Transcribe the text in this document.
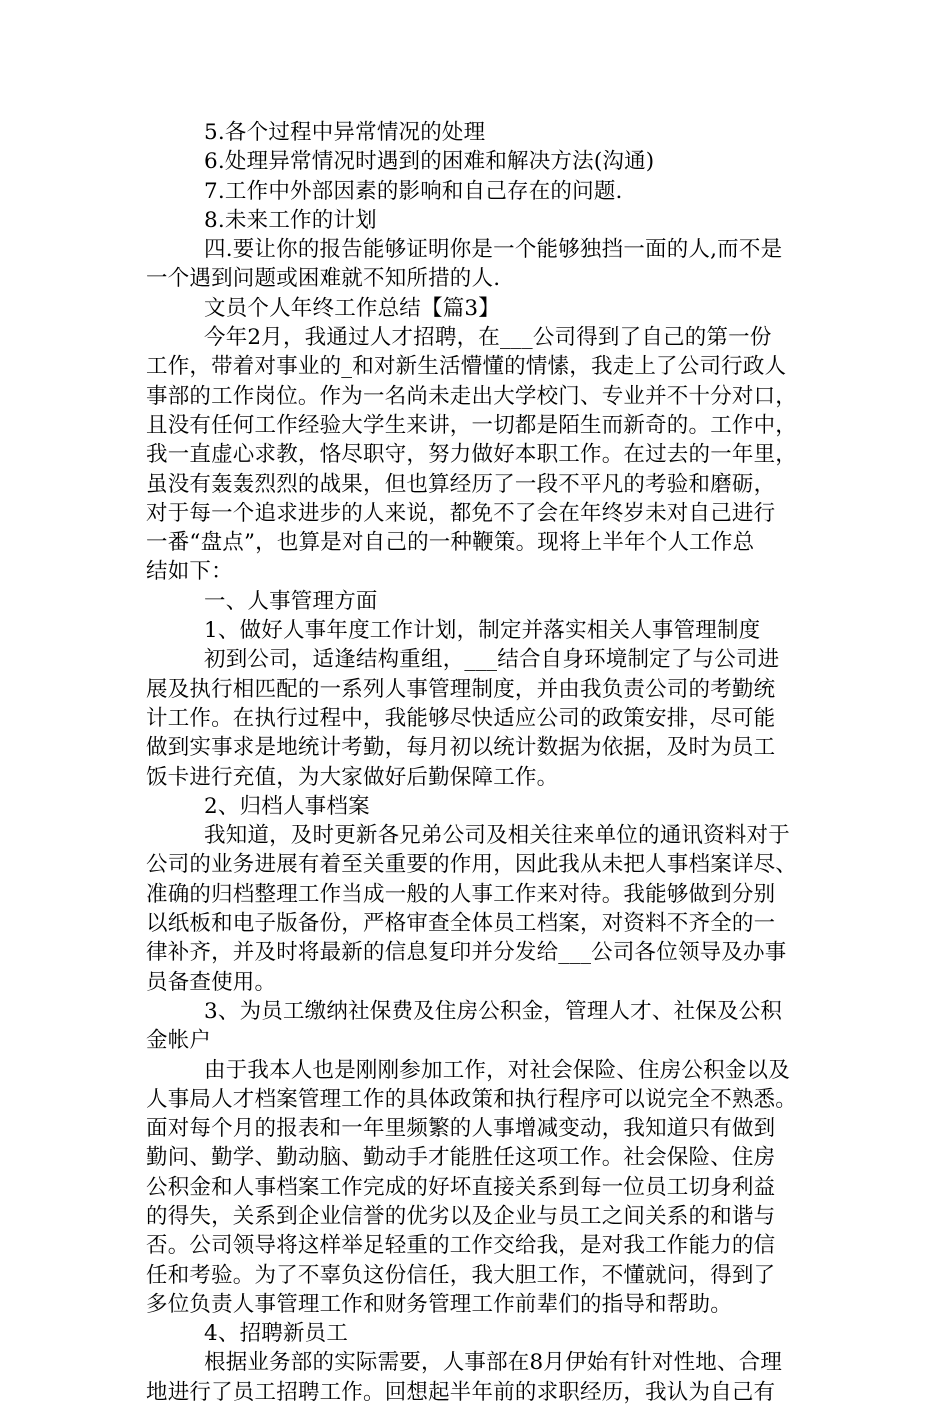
5.各个过程中异常情况的处理
6.处理异常情况时遇到的困难和解决方法(沟通)
7.工作中外部因素的影响和自己存在的问题.
8.未来工作的计划
四.要让你的报告能够证明你是一个能够独挡一面的人,而不是
一个遇到问题或困难就不知所措的人.
文员个人年终工作总结【篇3】
今年2月，我通过人才招聘，在___公司得到了自己的第一份
工作，带着对事业的_和对新生活懵懂的情愫，我走上了公司行政人
事部的工作岗位。作为一名尚未走出大学校门、专业并不十分对口，
且没有任何工作经验大学生来讲，一切都是陌生而新奇的。工作中，
我一直虚心求教，恪尽职守，努力做好本职工作。在过去的一年里，
虽没有轰轰烈烈的战果，但也算经历了一段不平凡的考验和磨砺，
对于每一个追求进步的人来说，都免不了会在年终岁未对自己进行
一番“盘点”，也算是对自己的一种鞭策。现将上半年个人工作总
结如下：
一、人事管理方面
1、做好人事年度工作计划，制定并落实相关人事管理制度
初到公司，适逢结构重组，___结合自身环境制定了与公司进
展及执行相匹配的一系列人事管理制度，并由我负责公司的考勤统
计工作。在执行过程中，我能够尽快适应公司的政策安排，尽可能
做到实事求是地统计考勤，每月初以统计数据为依据，及时为员工
饭卡进行充值，为大家做好后勤保障工作。
2、归档人事档案
我知道，及时更新各兄弟公司及相关往来单位的通讯资料对于
公司的业务进展有着至关重要的作用，因此我从未把人事档案详尽、
准确的归档整理工作当成一般的人事工作来对待。我能够做到分别
以纸板和电子版备份，严格审查全体员工档案，对资料不齐全的一
律补齐，并及时将最新的信息复印并分发给___公司各位领导及办事
员备查使用。
3、为员工缴纳社保费及住房公积金，管理人才、社保及公积
金帐户
由于我本人也是刚刚参加工作，对社会保险、住房公积金以及
人事局人才档案管理工作的具体政策和执行程序可以说完全不熟悉。
面对每个月的报表和一年里频繁的人事增减变动，我知道只有做到
勤问、勤学、勤动脑、勤动手才能胜任这项工作。社会保险、住房
公积金和人事档案工作完成的好坏直接关系到每一位员工切身利益
的得失，关系到企业信誉的优劣以及企业与员工之间关系的和谐与
否。公司领导将这样举足轻重的工作交给我，是对我工作能力的信
任和考验。为了不辜负这份信任，我大胆工作，不懂就问，得到了
多位负责人事管理工作和财务管理工作前辈们的指导和帮助。
4、招聘新员工
根据业务部的实际需要，人事部在8月伊始有针对性地、合理
地进行了员工招聘工作。回想起半年前的求职经历，我认为自己有
